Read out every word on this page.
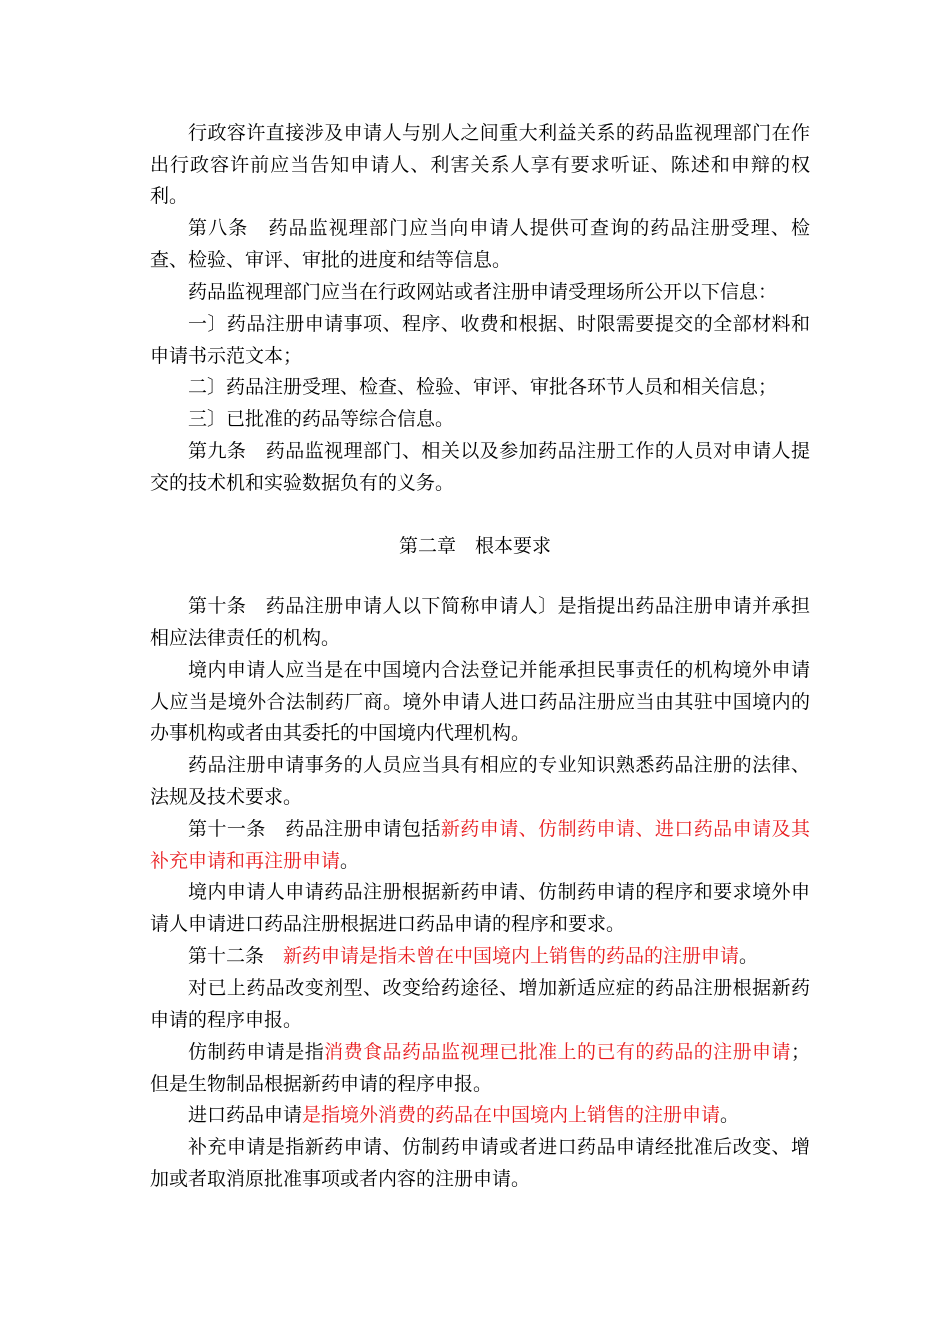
行政容许直接涉及申请人与别人之间重大利益关系的药品监视理部门在作出行政容许前应当告知申请人、利害关系人享有要求听证、陈述和申辩的权利。

第八条　药品监视理部门应当向申请人提供可查询的药品注册受理、检查、检验、审评、审批的进度和结等信息。

药品监视理部门应当在行政网站或者注册申请受理场所公开以下信息：

一〕药品注册申请事项、程序、收费和根据、时限需要提交的全部材料和申请书示范文本；

二〕药品注册受理、检查、检验、审评、审批各环节人员和相关信息；

三〕已批准的药品等综合信息。

第九条　药品监视理部门、相关以及参加药品注册工作的人员对申请人提交的技术机和实验数据负有的义务。

第二章　根本要求

第十条　药品注册申请人以下简称申请人〕是指提出药品注册申请并承担相应法律责任的机构。

境内申请人应当是在中国境内合法登记并能承担民事责任的机构境外申请人应当是境外合法制药厂商。境外申请人进口药品注册应当由其驻中国境内的办事机构或者由其委托的中国境内代理机构。

药品注册申请事务的人员应当具有相应的专业知识熟悉药品注册的法律、法规及技术要求。

第十一条　药品注册申请包括新药申请、仿制药申请、进口药品申请及其补充申请和再注册申请。

境内申请人申请药品注册根据新药申请、仿制药申请的程序和要求境外申请人申请进口药品注册根据进口药品申请的程序和要求。

第十二条　新药申请是指未曾在中国境内上销售的药品的注册申请。

对已上药品改变剂型、改变给药途径、增加新适应症的药品注册根据新药申请的程序申报。

仿制药申请是指消费食品药品监视理已批准上的已有的药品的注册申请；但是生物制品根据新药申请的程序申报。

进口药品申请是指境外消费的药品在中国境内上销售的注册申请。

补充申请是指新药申请、仿制药申请或者进口药品申请经批准后改变、增加或者取消原批准事项或者内容的注册申请。
